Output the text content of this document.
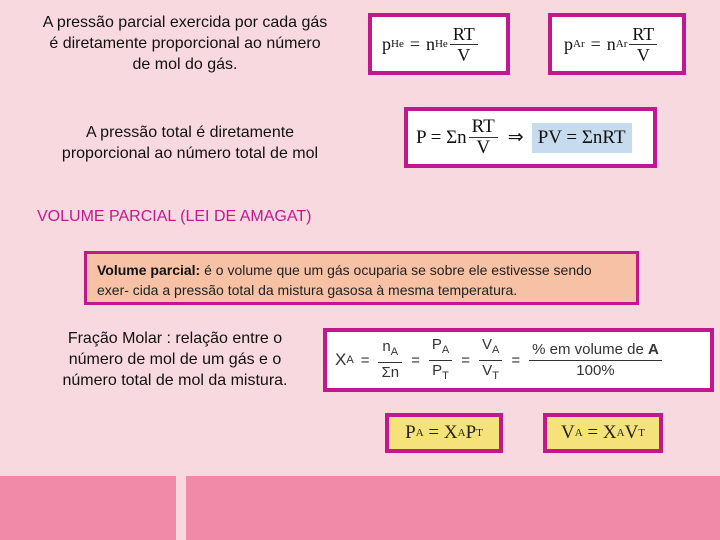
A pressão parcial exercida por cada gás
é diretamente proporcional ao número
de mol do gás.
p He = n He $\frac{RT}{V}$	p Ar = n Ar $\frac{RT}{V}$
A pressão total é diretamente
proporcional ao número total de mol
P = Σn $\frac{RT}{V}$ ⇒ PV = ΣnRT
VOLUME PARCIAL (LEI DE AMAGAT)
Volume parcial: é o volume que um gás ocuparia se sobre ele estivesse sendo exer- cida a pressão total da mistura gasosa à mesma temperatura.
Fração Molar : relação entre o
número de mol de um gás e o
número total de mol da mistura.
X $A = \frac{n_A}{\Sigma n} = \frac{P_A}{P_T} = \frac{V_A}{V_T} = \frac{\text{\% em volume de A}}{100\%}$
P A = X A P T	V A = X A V T
